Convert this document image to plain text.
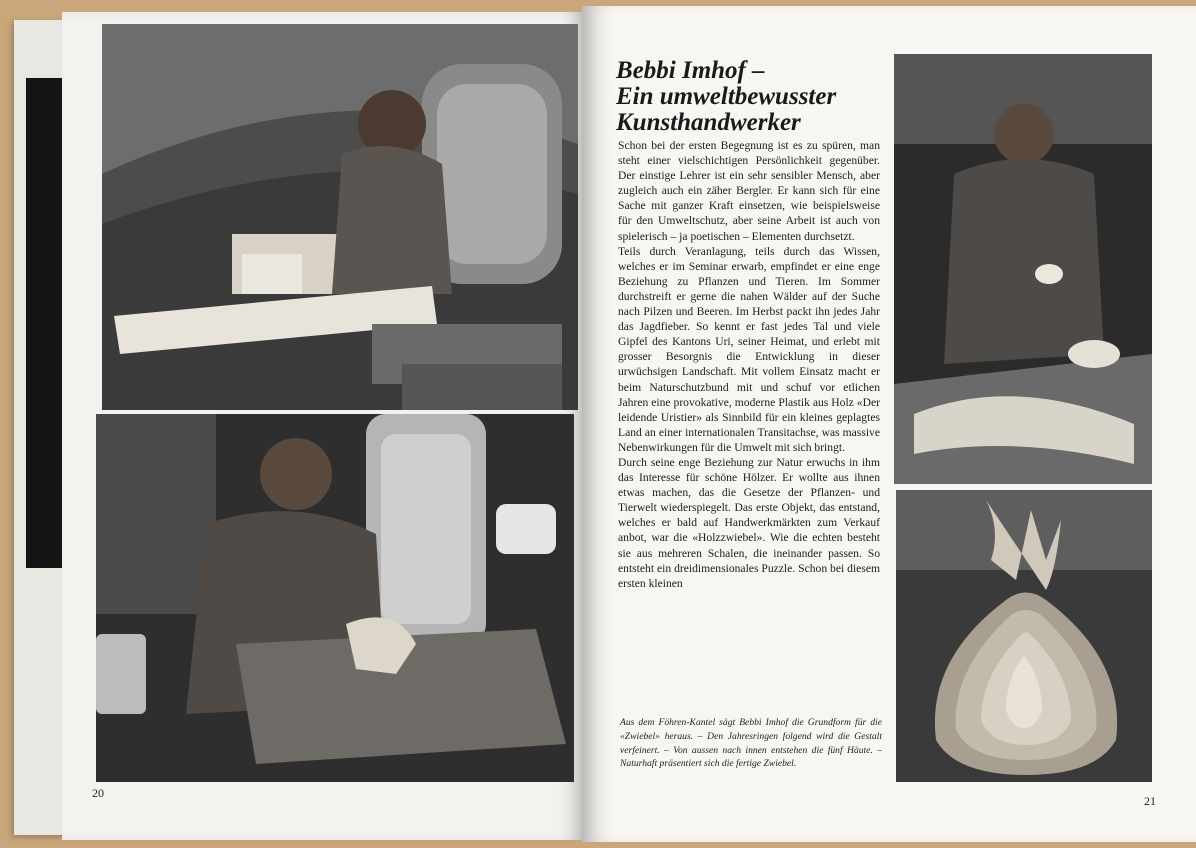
Bebbi Imhof –
Ein umweltbewusster
Kunsthandwerker

Schon bei der ersten Begegnung ist es zu spüren, man steht einer vielschichtigen Persönlichkeit gegenüber. Der einstige Lehrer ist ein sehr sensibler Mensch, aber zugleich auch ein zäher Bergler. Er kann sich für eine Sache mit ganzer Kraft einsetzen, wie beispielsweise für den Umweltschutz, aber seine Arbeit ist auch von spielerisch – ja poetischen – Elementen durchsetzt.

Teils durch Veranlagung, teils durch das Wissen, welches er im Seminar erwarb, empfindet er eine enge Beziehung zu Pflanzen und Tieren. Im Sommer durchstreift er gerne die nahen Wälder auf der Suche nach Pilzen und Beeren. Im Herbst packt ihn jedes Jahr das Jagdfieber. So kennt er fast jedes Tal und viele Gipfel des Kantons Uri, seiner Heimat, und erlebt mit grosser Besorgnis die Entwicklung in dieser urwüchsigen Landschaft. Mit vollem Einsatz macht er beim Naturschutzbund mit und schuf vor etlichen Jahren eine provokative, moderne Plastik aus Holz «Der leidende Uristier» als Sinnbild für ein kleines geplagtes Land an einer internationalen Transitachse, was massive Nebenwirkungen für die Umwelt mit sich bringt.

Durch seine enge Beziehung zur Natur erwuchs in ihm das Interesse für schöne Hölzer. Er wollte aus ihnen etwas machen, das die Gesetze der Pflanzen- und Tierwelt wiederspiegelt. Das erste Objekt, das entstand, welches er bald auf Handwerkmärkten zum Verkauf anbot, war die «Holzzwiebel». Wie die echten besteht sie aus mehreren Schalen, die ineinander passen. So entsteht ein dreidimensionales Puzzle. Schon bei diesem ersten kleinen

Aus dem Föhren-Kantel sägt Bebbi Imhof die Grundform für die «Zwiebel» heraus. – Den Jahresringen folgend wird die Gestalt verfeinert. – Von aussen nach innen entstehen die fünf Häute. – Naturhaft präsentiert sich die fertige Zwiebel.
20
21
